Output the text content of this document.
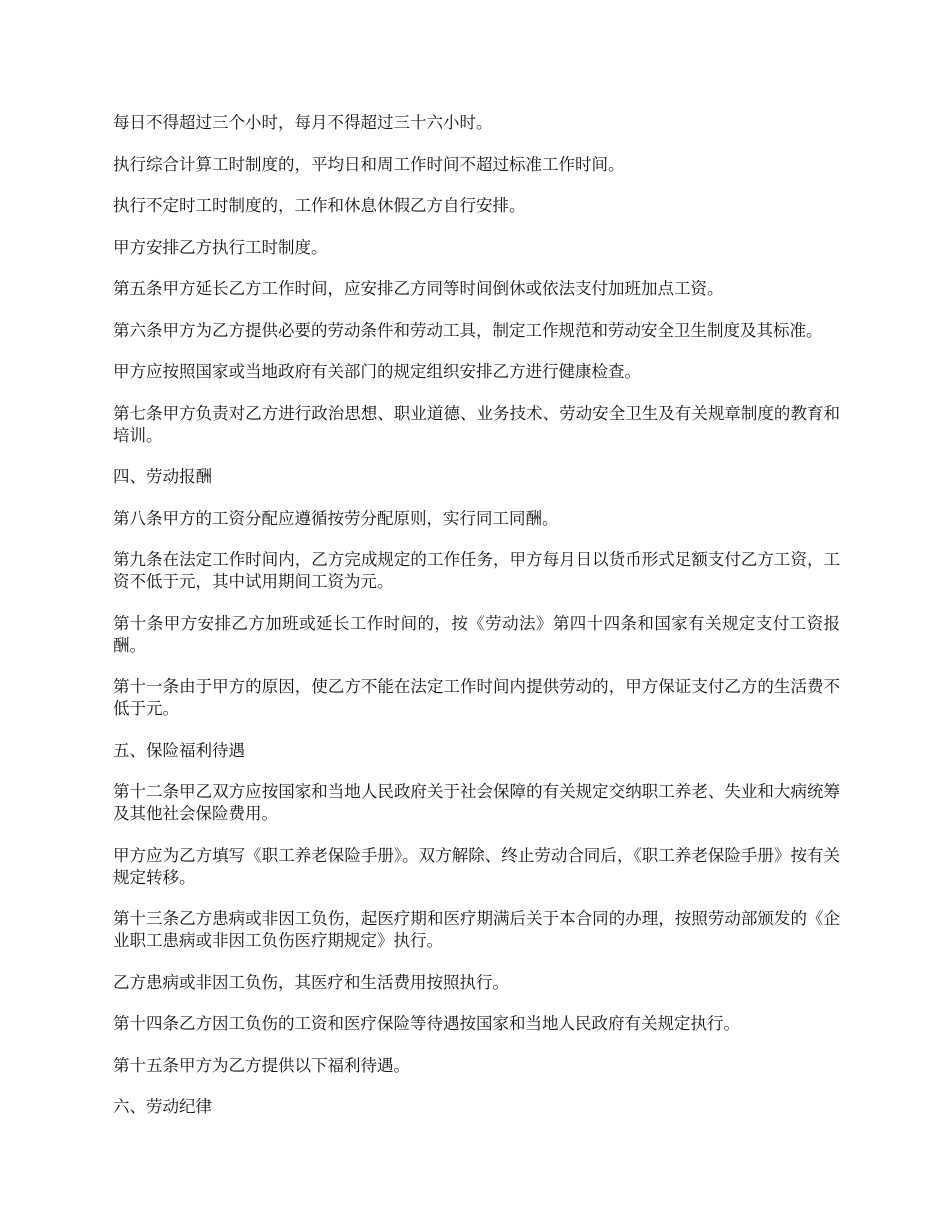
每日不得超过三个小时，每月不得超过三十六小时。

执行综合计算工时制度的，平均日和周工作时间不超过标准工作时间。

执行不定时工时制度的，工作和休息休假乙方自行安排。

甲方安排乙方执行工时制度。

第五条甲方延长乙方工作时间，应安排乙方同等时间倒休或依法支付加班加点工资。

第六条甲方为乙方提供必要的劳动条件和劳动工具，制定工作规范和劳动安全卫生制度及其标准。

甲方应按照国家或当地政府有关部门的规定组织安排乙方进行健康检查。

第七条甲方负责对乙方进行政治思想、职业道德、业务技术、劳动安全卫生及有关规章制度的教育和培训。

四、劳动报酬

第八条甲方的工资分配应遵循按劳分配原则，实行同工同酬。

第九条在法定工作时间内，乙方完成规定的工作任务，甲方每月日以货币形式足额支付乙方工资，工资不低于元，其中试用期间工资为元。

第十条甲方安排乙方加班或延长工作时间的，按《劳动法》第四十四条和国家有关规定支付工资报酬。

第十一条由于甲方的原因，使乙方不能在法定工作时间内提供劳动的，甲方保证支付乙方的生活费不低于元。

五、保险福利待遇

第十二条甲乙双方应按国家和当地人民政府关于社会保障的有关规定交纳职工养老、失业和大病统筹及其他社会保险费用。

甲方应为乙方填写《职工养老保险手册》。双方解除、终止劳动合同后，《职工养老保险手册》按有关规定转移。

第十三条乙方患病或非因工负伤，起医疗期和医疗期满后关于本合同的办理，按照劳动部颁发的《企业职工患病或非因工负伤医疗期规定》执行。

乙方患病或非因工负伤，其医疗和生活费用按照执行。

第十四条乙方因工负伤的工资和医疗保险等待遇按国家和当地人民政府有关规定执行。

第十五条甲方为乙方提供以下福利待遇。

六、劳动纪律
